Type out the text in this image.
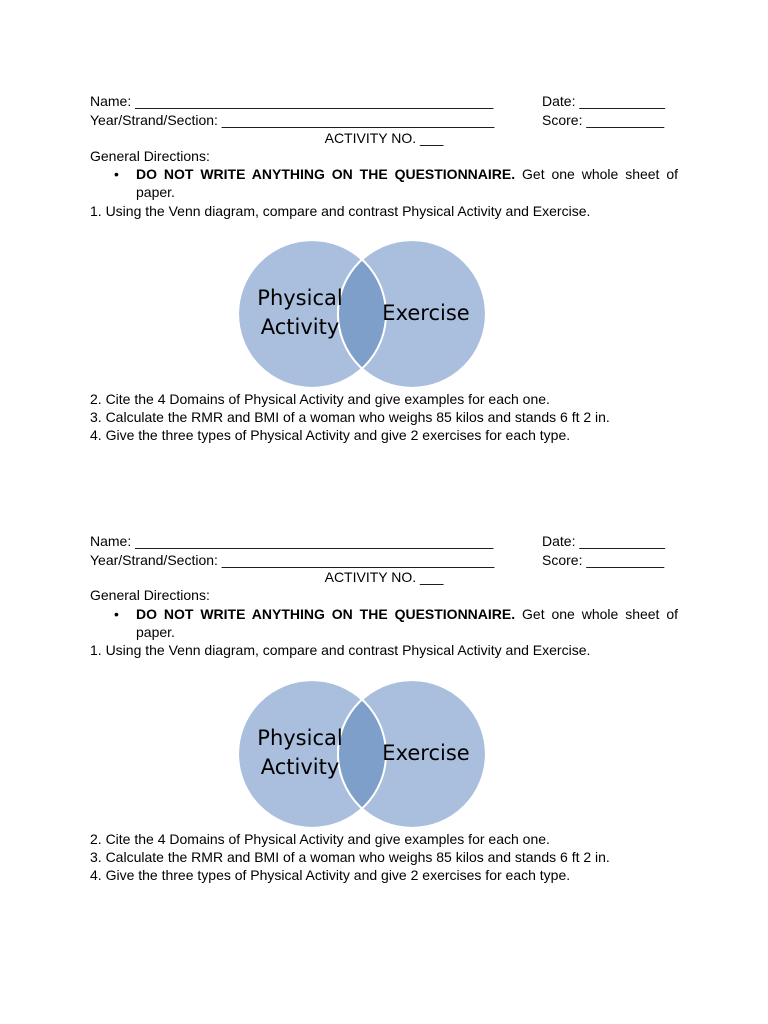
Name: ______________________________________________	Date: ___________
Year/Strand/Section: ___________________________________	Score: __________
ACTIVITY NO. ___
General Directions:
• DO NOT WRITE ANYTHING ON THE QUESTIONNAIRE. Get one whole sheet of paper.
1. Using the Venn diagram, compare and contrast Physical Activity and Exercise.
Physical
Activity
Exercise
2. Cite the 4 Domains of Physical Activity and give examples for each one.
3. Calculate the RMR and BMI of a woman who weighs 85 kilos and stands 6 ft 2 in.
4. Give the three types of Physical Activity and give 2 exercises for each type.
Name: ______________________________________________	Date: ___________
Year/Strand/Section: ___________________________________	Score: __________
ACTIVITY NO. ___
General Directions:
• DO NOT WRITE ANYTHING ON THE QUESTIONNAIRE. Get one whole sheet of paper.
1. Using the Venn diagram, compare and contrast Physical Activity and Exercise.
Physical
Activity
Exercise
2. Cite the 4 Domains of Physical Activity and give examples for each one.
3. Calculate the RMR and BMI of a woman who weighs 85 kilos and stands 6 ft 2 in.
4. Give the three types of Physical Activity and give 2 exercises for each type.
